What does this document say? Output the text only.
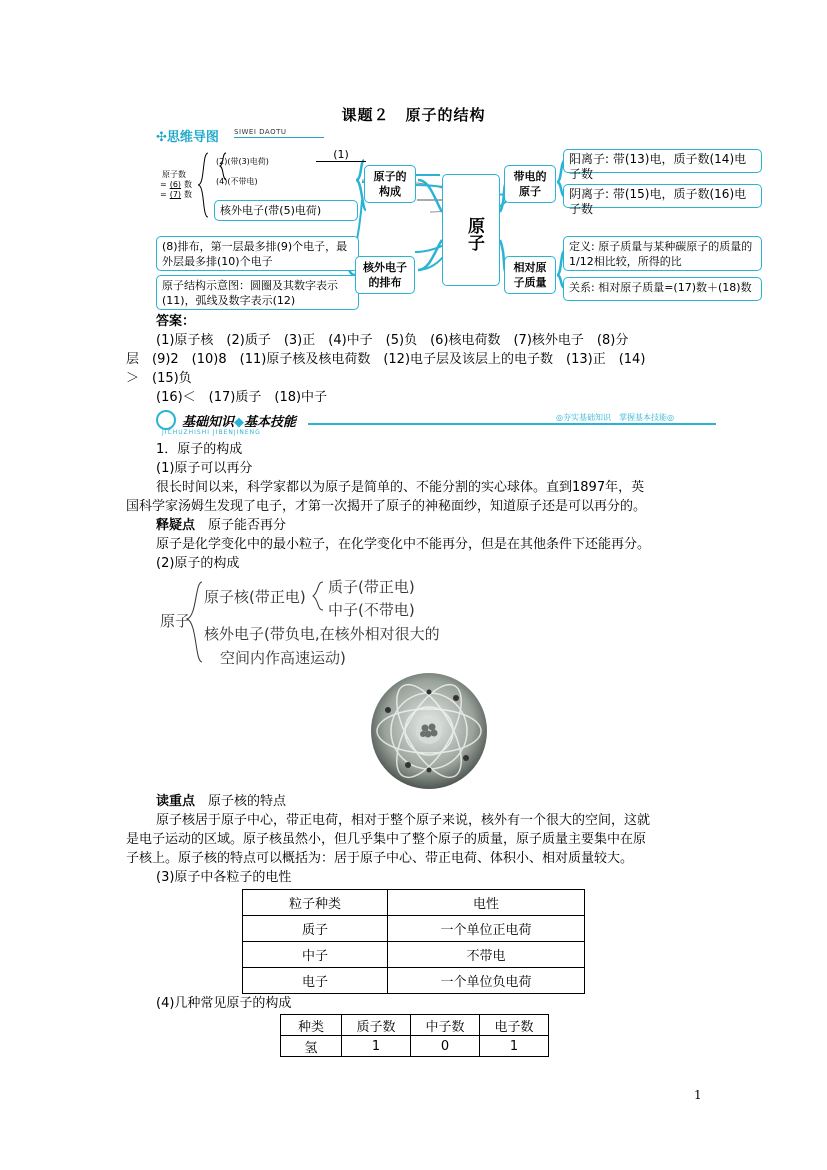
课题２　原子的结构
✣思维导图 SIWEI DAOTU
原子数
= (6) 数
= (7) 数
(2)(带(3)电荷)
(1)
(4)(不带电)
核外电子(带(5)电荷)
原子的构成
原子
带电的原子
阳离子: 带(13)电，质子数(14)电子数
阴离子: 带(15)电，质子数(16)电子数
(8)排布，第一层最多排(9)个电子，最外层最多排(10)个电子
原子结构示意图：圆圈及其数字表示(11)，弧线及数字表示(12)
核外电子的排布
相对原子质量
定义: 原子质量与某种碳原子的质量的1/12相比较，所得的比
关系: 相对原子质量=(17)数＋(18)数
答案：
(1)原子核　(2)质子　(3)正　(4)中子　(5)负　(6)核电荷数　(7)核外电子　(8)分
层　(9)2　(10)8　(11)原子核及核电荷数　(12)电子层及该层上的电子数　(13)正　(14)
＞　(15)负
(16)＜　(17)质子　(18)中子
基础知识◆基本技能
JICHUZHISHI JIBENJINENG
◎夯实基础知识　掌握基本技能◎
1．原子的构成
(1)原子可以再分
很长时间以来，科学家都以为原子是简单的、不能分割的实心球体。直到1897年，英
国科学家汤姆生发现了电子，才第一次揭开了原子的神秘面纱，知道原子还是可以再分的。
释疑点　 原子能否再分
原子是化学变化中的最小粒子，在化学变化中不能再分，但是在其他条件下还能再分。
(2)原子的构成
原子
原子核(带正电)
质子(带正电)
中子(不带电)
核外电子(带负电,在核外相对很大的
空间内作高速运动)
读重点　 原子核的特点
原子核居于原子中心，带正电荷，相对于整个原子来说，核外有一个很大的空间，这就
是电子运动的区域。原子核虽然小，但几乎集中了整个原子的质量，原子质量主要集中在原
子核上。原子核的特点可以概括为：居于原子中心、带正电荷、体积小、相对质量较大。
(3)原子中各粒子的电性
粒子种类	电性
质子	一个单位正电荷
中子	不带电
电子	一个单位负电荷
(4)几种常见原子的构成
种类	质子数	中子数	电子数
氢	1	0	1
1
